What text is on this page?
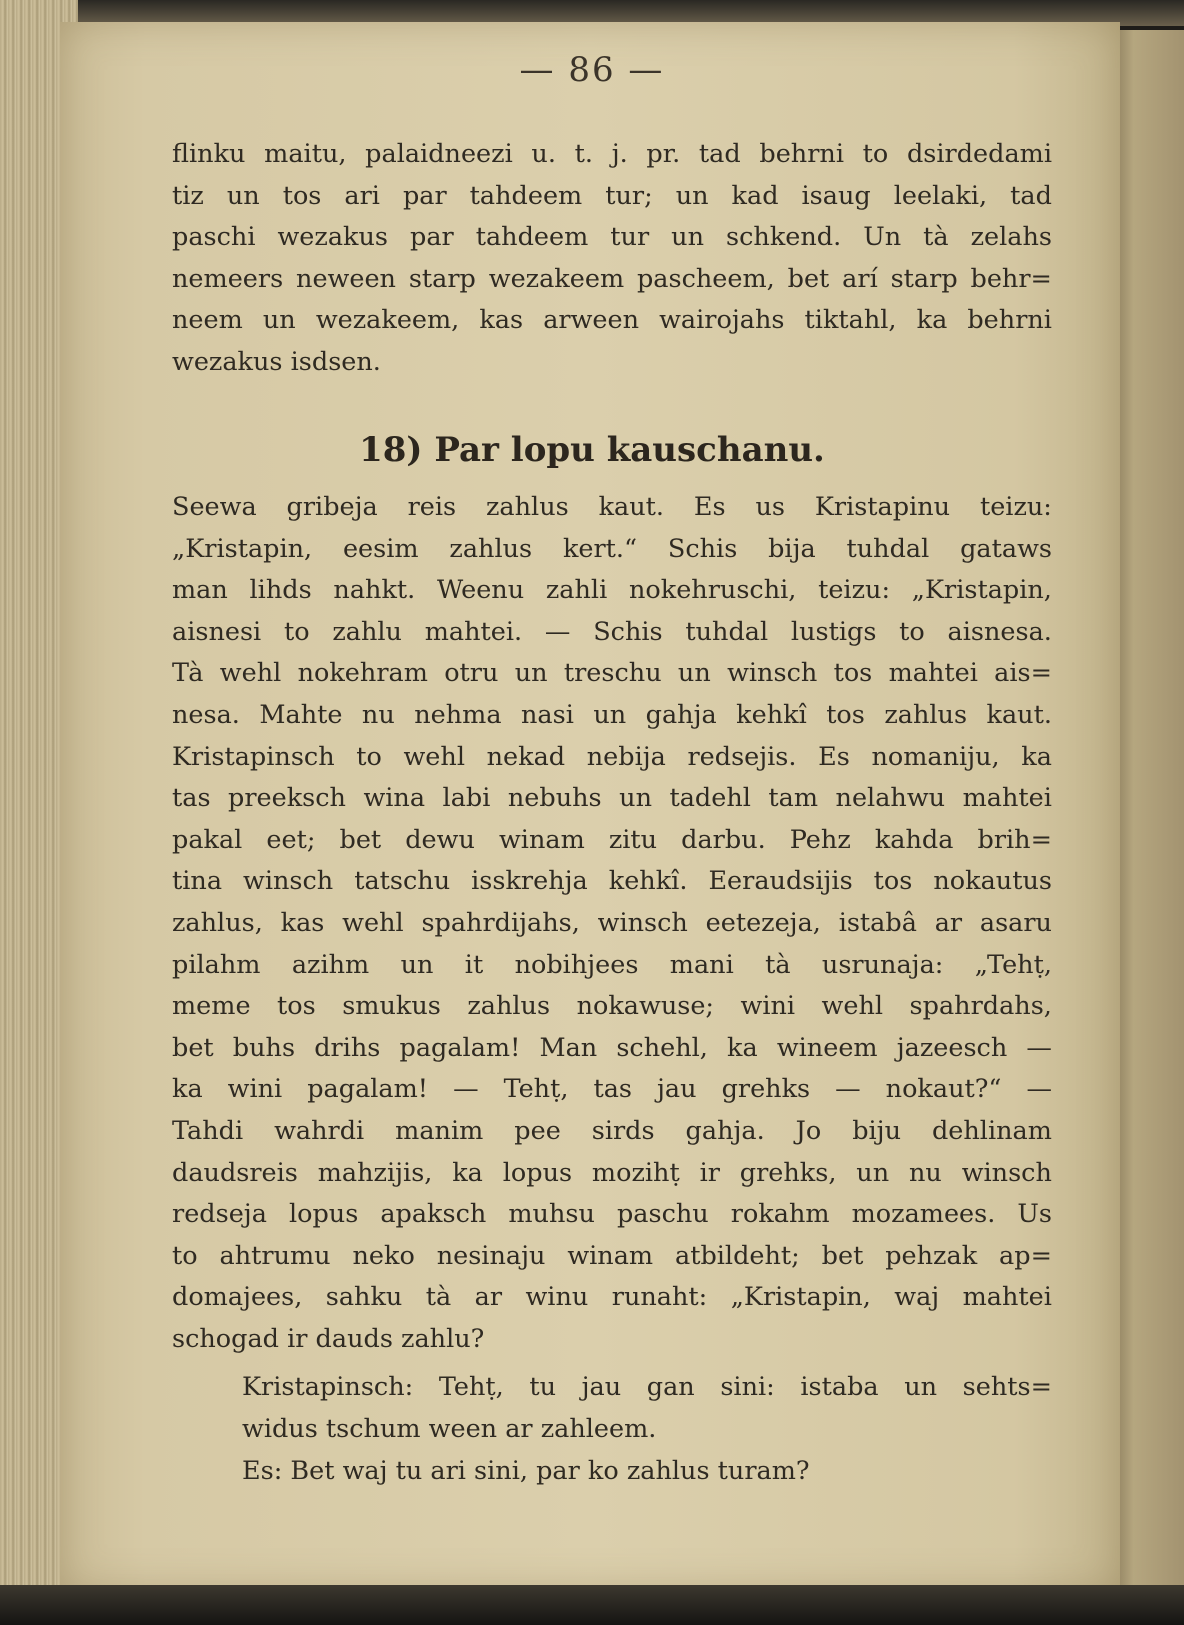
— 86 —
flinku maitu, palaidneezi u. t. j. pr. tad behrni to dsirdedami
tiz un tos ari par tahdeem tur; un kad isaug leelaki, tad
paschi wezakus par tahdeem tur un schkend. Un tà zelahs
nemeers neween starp wezakeem paschеem, bet arí starp behr=
neem un wezakeem, kas arween wairojahs tiktahl, ka behrni
wezakus isdsen.
18) Par lopu kauschanu.
Seewa gribeja reis zahlus kaut. Es us Kristapinu teizu:
„Kristapin, eesim zahlus kert.“ Schis bija tuhdal gataws
man lihds nahkt. Weenu zahli nokehruschi, teizu: „Kristapin,
aisnesi to zahlu mahtei. — Schis tuhdal lustigs to aisnesa.
Tà wehl nokehram otru un treschu un winsch tos mahtei ais=
nesa. Mahte nu nehma nasi un gahja kehkî tos zahlus kaut.
Kristapinsch to wehl nekad nebija redsejis. Es nomaniju, ka
tas preeksch wina labi nebuhs un tadehl tam nelahwu mahtei
pakal eet; bet dewu winam zitu darbu. Pehz kahda brih=
tina winsch tatschu isskrehja kehkî. Eeraudsijis tos nokautus
zahlus, kas wehl spahrdijahs, winsch eetezeja, istabâ ar asaru
pilahm azihm un it nobihjees mani tà usrunaja: „Tehṭ,
meme tos smukus zahlus nokawuse; wini wehl spahrdahs,
bet buhs drihs pagalam! Man schehl, ka wineem jazeesch —
ka wini pagalam! — Tehṭ, tas jau grehks — nokaut?“ —
Tahdi wahrdi manim pee sirds gahja. Jo biju dehlinam
daudsreis mahzijis, ka lopus mozihṭ ir grehks, un nu winsch
redseja lopus apaksch muhsu paschu rokahm mozamees. Us
to ahtrumu neko nesinaju winam atbildeht; bet pehzak ap=
domajees, sahku tà ar winu runaht: „Kristapin, waj mahtei
schogad ir dauds zahlu?
Kristapinsch: Tehṭ, tu jau gan sini: istaba un sehts=
widus tschum ween ar zahleem.
Es: Bet waj tu ari sini, par ko zahlus turam?
